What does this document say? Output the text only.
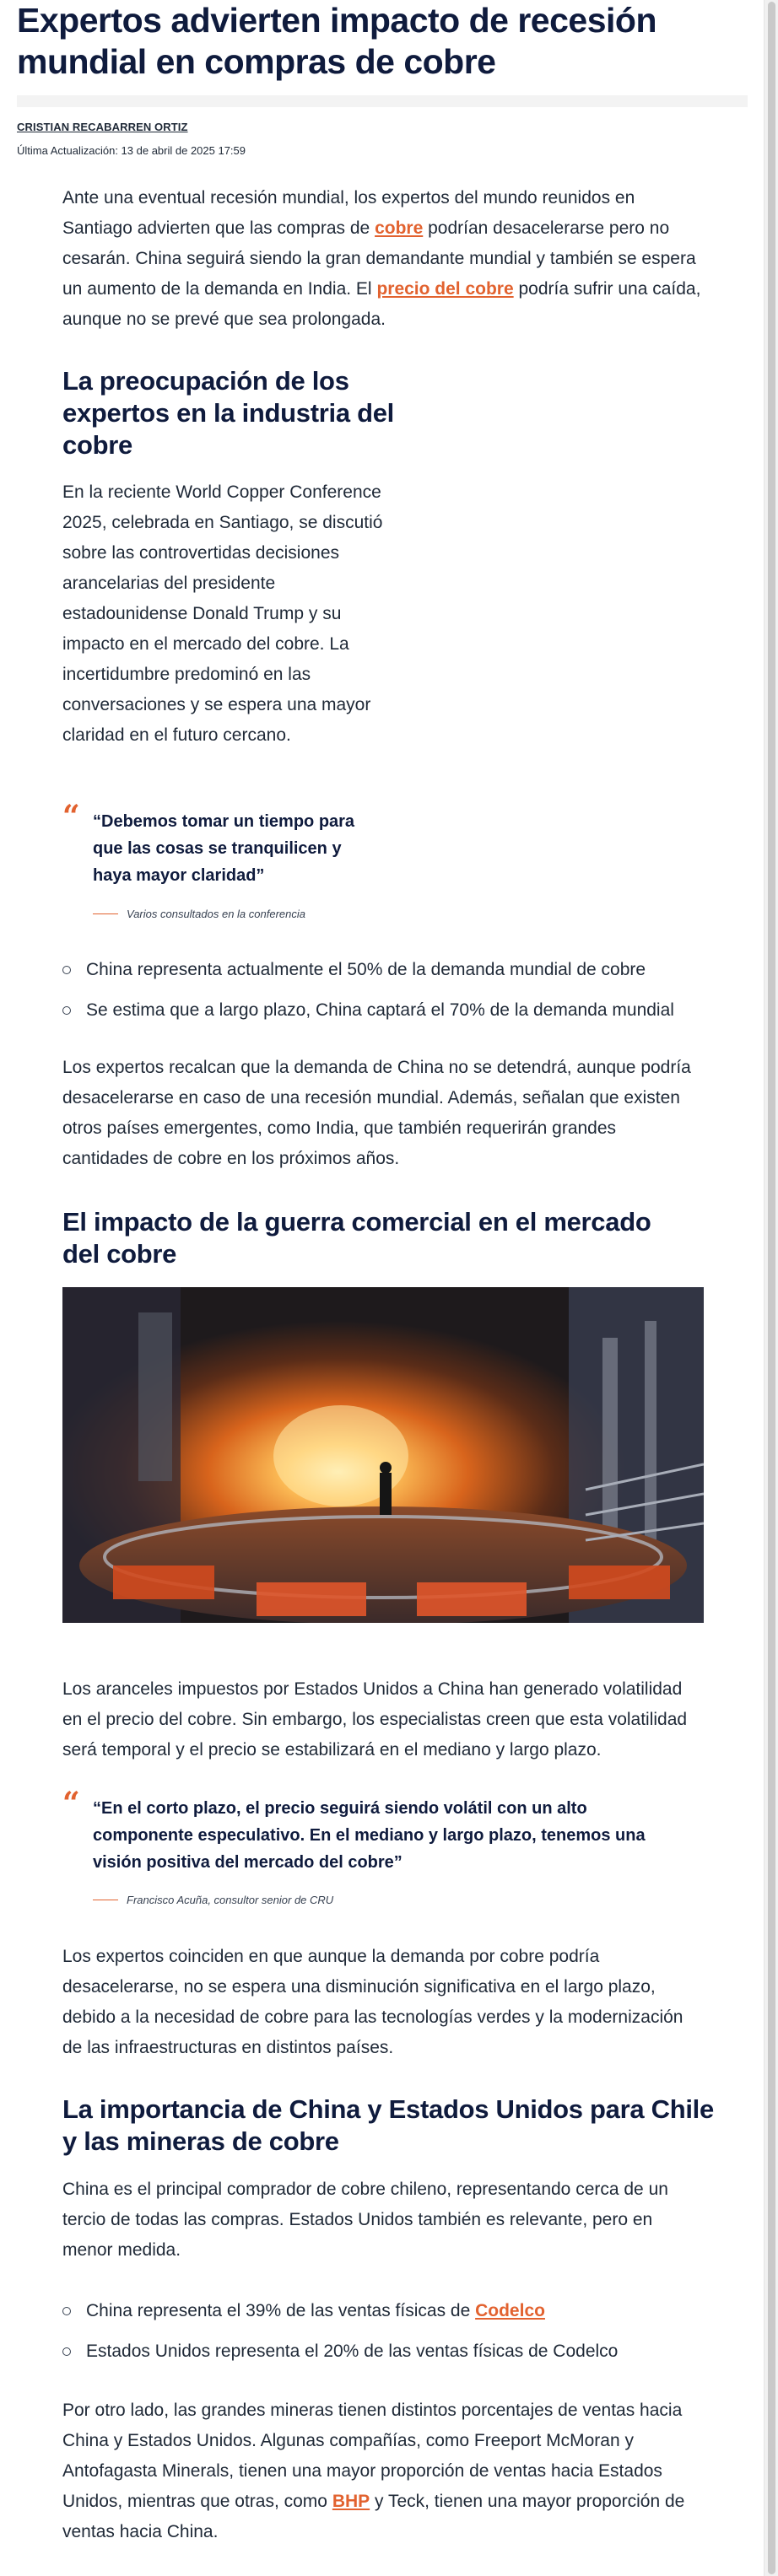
Expertos advierten impacto de recesión mundial en compras de cobre
CRISTIAN RECABARREN ORTIZ
Última Actualización: 13 de abril de 2025 17:59

Ante una eventual recesión mundial, los expertos del mundo reunidos en Santiago advierten que las compras de cobre podrían desacelerarse pero no cesarán. China seguirá siendo la gran demandante mundial y también se espera un aumento de la demanda en India. El precio del cobre podría sufrir una caída, aunque no se prevé que sea prolongada.

La preocupación de los expertos en la industria del cobre

En la reciente World Copper Conference 2025, celebrada en Santiago, se discutió sobre las controvertidas decisiones arancelarias del presidente estadounidense Donald Trump y su impacto en el mercado del cobre. La incertidumbre predominó en las conversaciones y se espera una mayor claridad en el futuro cercano.

“ “Debemos tomar un tiempo para que las cosas se tranquilicen y haya mayor claridad”

Varios consultados en la conferencia
China representa actualmente el 50% de la demanda mundial de cobre
Se estima que a largo plazo, China captará el 70% de la demanda mundial

Los expertos recalcan que la demanda de China no se detendrá, aunque podría desacelerarse en caso de una recesión mundial. Además, señalan que existen otros países emergentes, como India, que también requerirán grandes cantidades de cobre en los próximos años.

El impacto de la guerra comercial en el mercado del cobre

Los aranceles impuestos por Estados Unidos a China han generado volatilidad en el precio del cobre. Sin embargo, los especialistas creen que esta volatilidad será temporal y el precio se estabilizará en el mediano y largo plazo.

“ “En el corto plazo, el precio seguirá siendo volátil con un alto componente especulativo. En el mediano y largo plazo, tenemos una visión positiva del mercado del cobre”

Francisco Acuña, consultor senior de CRU

Los expertos coinciden en que aunque la demanda por cobre podría desacelerarse, no se espera una disminución significativa en el largo plazo, debido a la necesidad de cobre para las tecnologías verdes y la modernización de las infraestructuras en distintos países.

La importancia de China y Estados Unidos para Chile y las mineras de cobre

China es el principal comprador de cobre chileno, representando cerca de un tercio de todas las compras. Estados Unidos también es relevante, pero en menor medida.

China representa el 39% de las ventas físicas de Codelco
Estados Unidos representa el 20% de las ventas físicas de Codelco

Por otro lado, las grandes mineras tienen distintos porcentajes de ventas hacia China y Estados Unidos. Algunas compañías, como Freeport McMoran y Antofagasta Minerals, tienen una mayor proporción de ventas hacia Estados Unidos, mientras que otras, como BHP y Teck, tienen una mayor proporción de ventas hacia China.
